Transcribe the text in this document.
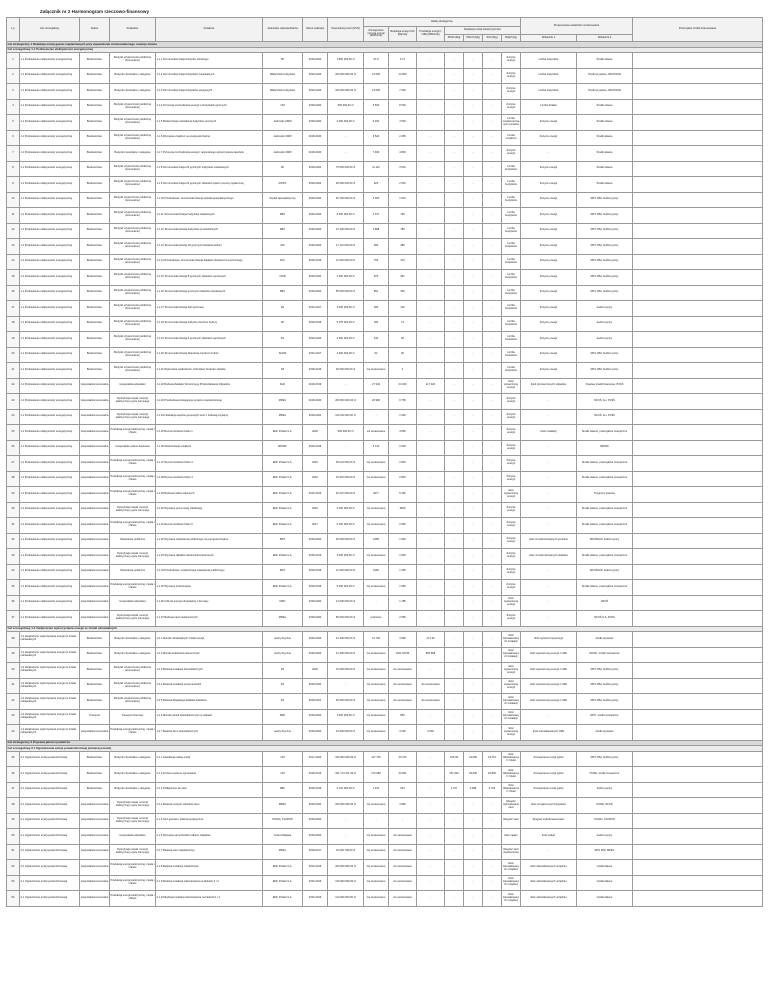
Załącznik nr 2 Harmonogram rzeczowo-finansowy
L.p.	Cel szczegółowy	Sektor	Podsektor	Działanie	Jednostka odpowiedzialna	Okres realizacji	Szacunkowy koszt [PLN]	Efekty ekologiczne							Proponowane wskaźniki monitorowania		Potencjalne źródła finansowania
								Zmniejszenie zużycia energii [MWh/rok]	Redukcja emisji CO2 [Mg/rok]	Produkcja energii z OZE [MWh/rok]	Redukcja emisji zanieczyszczeń						
											PM10 [Mg]	PM2,5 [Mg]	SO2 [Mg]	B(a)P [kg]	Wskaźnik 1	Wskaźnik 2	
Cel strategiczny 1 Redukcja emisji gazów cieplarnianych przy zapewnieniu zrównoważonego rozwoju miasta																	
Cel szczegółowy 1.1 Podniesienie efektywności energetycznej																	
1	1.1 Podniesienie efektywności energetycznej	Budownictwo	Budynki użyteczności publicznej (komunalne)	1.1.1 Termomodernizacja budynku szkolnego	SP	2018-2020	1 800 000,00 zł	97,8	17,0	-	-	-	-	Zużycie energii	Liczba budynków	Środki własne	
2	1.1 Podniesienie efektywności energetycznej	Budownictwo	Budynki mieszkalne i usługowe	1.1.2 Termomodernizacja budynków mieszkalnych	Właściciele budynków	2018-2020	200 000 000,00 zł	21 000	12 900	-	-	-	-	Zużycie energii	Liczba budynków	Środki prywatne, WFOŚiGW	
3	1.1 Podniesienie efektywności energetycznej	Budownictwo	Budynki mieszkalne i usługowe	1.1.3 Termomodernizacja budynków usługowych	Właściciele budynków	2018-2020	160 000 000,00 zł	13 000	7 900	-	-	-	-	Zużycie energii	Liczba budynków	Środki prywatne, WFOŚiGW	
4	1.1 Podniesienie efektywności energetycznej	Budownictwo	Budynki użyteczności publicznej (komunalne)	1.1.4 Promocja oszczędzania energii w budynkach gminnych	UM	2018-2020	500 000,00 zł	5 600	8 000	-	-	-	-	Zużycie energii	Liczba działań	Środki własne	
5	1.1 Podniesienie efektywności energetycznej	Budownictwo	Budynki użyteczności publicznej (komunalne)	1.1.5 Modernizacja oświetlenia budynków gminnych	Jednostki UMW	2018-2020	3 000 000,00 zł	5 200	4 500	-	-	-	-	Liczba zmodernizowanych punktów	Zużycie energii	Środki własne	
6	1.1 Podniesienie efektywności energetycznej	Budownictwo	Budynki użyteczności publicznej (komunalne)	1.1.6 Wymiana urządzeń na energooszczędne	Jednostki UMW	2018-2020	-	3 520	2 250	-	-	-	-	Liczba urządzeń	Zużycie energii	Środki własne	
7	1.1 Podniesienie efektywności energetycznej	Budownictwo	Budynki mieszkalne i usługowe	1.1.7 Promocja oszczędzania energii i racjonalnego wykorzystania zasobów	Jednostki UMW	2018-2020	-	7 900	4 860	-	-	-	-	Zużycie energii	-	Środki własne	
8	1.1 Podniesienie efektywności energetycznej	Budownictwo	Budynki użyteczności publicznej (komunalne)	1.1.8 Termomodernizacja 26 gminnych budynków oświatowych	ZK	2018-2020	75 000 000,00 zł	11 110	3 510	-	-	-	-	Liczba budynków	Zużycie energii	Środki własne	
9	1.1 Podniesienie efektywności energetycznej	Budownictwo	Budynki użyteczności publicznej (komunalne)	1.1.9 Termomodernizacja 20 gminnych obiektów opieki i pomocy społecznej	MOPS	2018-2020	25 000 000,00 zł	620	2 510	-	-	-	-	Liczba budynków	Zużycie energii	Środki własne	
10	1.1 Podniesienie efektywności energetycznej	Budownictwo	Budynki użyteczności publicznej (komunalne)	1.1.10 Przebudowa i termomodernizacja szpitala specjalistycznego	Szpital Specjalistyczny	2018-2020	30 760 000,00 zł	3 000	1 510	-	-	-	-	Liczba budynków	Zużycie energii	RPO WM, budżet gminy	
11	1.1 Podniesienie efektywności energetycznej	Budownictwo	Budynki użyteczności publicznej (komunalne)	1.1.11 Termomodernizacja budynków oświatowych	ZBO	2018-2020	6 000 000,00 zł	1 017	760	-	-	-	-	Liczba budynków	Zużycie energii	RPO WM, budżet gminy	
12	1.1 Podniesienie efektywności energetycznej	Budownictwo	Budynki użyteczności publicznej (komunalne)	1.1.12 Termomodernizacja budynków przedszkolnych	ZBO	2018-2020	10 100 000,00 zł	1 888	780	-	-	-	-	Liczba budynków	Zużycie energii	RPO WM, budżet gminy	
13	1.1 Podniesienie efektywności energetycznej	Budownictwo	Budynki użyteczności publicznej (komunalne)	1.1.13 Termomodernizacja 19 gminnych obiektów kultury	SW	2018-2020	17 121 520,00 zł	900	380	-	-	-	-	Liczba budynków	Zużycie energii	RPO WM, budżet gminy	
14	1.1 Podniesienie efektywności energetycznej	Budownictwo	Budynki użyteczności publicznej (komunalne)	1.1.14 Przebudowa i termomodernizacja Zakładu Opiekuńczo-Leczniczego	ZOL	2018-2019	11 000 000,00 zł	754	470	-	-	-	-	Liczba budynków	Zużycie energii	RPO WM, budżet gminy	
15	1.1 Podniesienie efektywności energetycznej	Budownictwo	Budynki użyteczności publicznej (komunalne)	1.1.15 Termomodernizacja 8 gminnych obiektów sportowych	OSiR	2018-2020	4 900 000,00 zł	970	361	-	-	-	-	Liczba budynków	Zużycie energii	RPO WM, budżet gminy	
16	1.1 Podniesienie efektywności energetycznej	Budownictwo	Budynki użyteczności publicznej (komunalne)	1.1.16 Termomodernizacja gminnych obiektów oświatowych	ZBO	2018-2020	55 000 000,00 zł	891	330	-	-	-	-	Liczba budynków	Zużycie energii	RPO WM, budżet gminy	
17	1.1 Podniesienie efektywności energetycznej	Budownictwo	Budynki użyteczności publicznej (komunalne)	1.1.17 Termomodernizacja hali sportowej	ZS	2016-2017	4 000 000,00 zł	300	119	-	-	-	-	Liczba budynków	Zużycie energii	budżet gminy	
18	1.1 Podniesienie efektywności energetycznej	Budownictwo	Budynki użyteczności publicznej (komunalne)	1.1.18 Termomodernizacja budynku Centrum Kultury	CK	2018-2019	5 075 000,00 zł	180	73	-	-	-	-	Liczba budynków	Zużycie energii	budżet gminy	
19	1.1 Podniesienie efektywności energetycznej	Budownictwo	Budynki użyteczności publicznej (komunalne)	1.1.19 Termomodernizacja 5 gminnych obiektów sportowych	ZS	2018-2020	2 500 000,00 zł	130	56	-	-	-	-	Liczba budynków	Zużycie energii	budżet gminy	
20	1.1 Podniesienie efektywności energetycznej	Budownictwo	Budynki użyteczności publicznej (komunalne)	1.1.20 Termomodernizacja Starostwa Centrum Kultury	SCKM	2016-2017	4 900 000,00 zł	94	36	-	-	-	-	Liczba budynków	Zużycie energii	RPO WM, budżet gminy	
21	1.1 Podniesienie efektywności energetycznej	Budownictwo	Budynki użyteczności publicznej (komunalne)	1.1.21 Wykonanie wydłużenia i rozbudowy budynku szpitala	SZ	2018-2019	20 000 000,00 zł	nie oszacowano	4	-	-	-	-	Liczba budynków	Zużycie energii	RPO WM, budżet gminy	
22	1.1 Podniesienie efektywności energetycznej	Gospodarka komunalna	Gospodarka odpadami	1.1.22 Budowa Zakładu Termicznego Przekształcania Odpadów	KHK	2018-2019	-	27 343	24 300	117 020	-	-	-	Ilość wytworzonej energii	Ilość przetworzonych odpadów	Krajowe środki finansowe, POIiŚ	
23	1.1 Podniesienie efektywności energetycznej	Gospodarka komunalna	Dystrybucja ciepła i energii elektrycznej i gazu ziemnego	1.1.23 Przebudowa istniejącego systemu ciepłowniczego	MPEC	2018-2020	260 000 000,00 zł	20 960	6 750	-	-	-	-	Zużycie energii	-	NFOŚ, fun. POIiŚ	
24	1.1 Podniesienie efektywności energetycznej	Gospodarka komunalna	Dystrybucja ciepła i energii elektrycznej i gazu ziemnego	1.1.24 Likwidacja węzłów grupowych wraz z budową przyłączy	MPEC	2018-2020	110 010 000,00 zł	-	1 520	-	-	-	-	Zużycie energii	-	NFOŚ, fun. POIiŚ	
25	1.1 Podniesienie efektywności energetycznej	Gospodarka komunalna	Produkcja energii elektrycznej, ciepła i chłodu	1.1.25 Remont kotłowni bloku 1	EDF Polska S.A.	2018	500 000,00 zł	nie oszacowano	4 860	-	-	-	-	Zużycie energii	Ilość instalacji	Środki własne, potencjalnie zewnętrzne	
26	1.1 Podniesienie efektywności energetycznej	Gospodarka komunalna	Gospodarka wodno-ściekowa	1.1.26 Modernizacja urządzeń	MPWiK	2018-2019	-	5 120	2 518	-	-	-	-	Zużycie energii	-	MPWiK	
27	1.1 Podniesienie efektywności energetycznej	Gospodarka komunalna	Produkcja energii elektrycznej, ciepła i chłodu	1.1.27 Remont kotłowni bloku 3	EDF Polska S.A.	2016	25 041 000,00 zł	nie oszacowano	2 840	-	-	-	-	Zużycie energii	-	Środki własne, potencjalnie zewnętrzne	
28	1.1 Podniesienie efektywności energetycznej	Gospodarka komunalna	Produkcja energii elektrycznej, ciepła i chłodu	1.1.28 Remont kotłowni bloku 4	EDF Polska S.A.	2016	15 316 000,00 zł	nie oszacowano	2 840	-	-	-	-	Zużycie energii	-	Środki własne, potencjalnie zewnętrzne	
29	1.1 Podniesienie efektywności energetycznej	Gospodarka komunalna	Produkcja energii elektrycznej, ciepła i chłodu	1.1.29 Budowa kotłów odpowych	EDF Polska S.A.	2016-2019	40 227 000,00 zł	4677	5 300	-	-	-	-	Ilość wytworzonej energii	-	Programy krajowe	
30	1.1 Podniesienie efektywności energetycznej	Gospodarka komunalna	Dystrybucja ciepła i energii elektrycznej i gazu ziemnego	1.1.30 Wymiana pomp wody chłodzącej	EDF Polska S.A.	2016	3 000 000,00 zł	nie oszacowano	3600	-	-	-	-	Zużycie energii	-	Środki własne, potencjalnie zewnętrzne	
31	1.1 Podniesienie efektywności energetycznej	Gospodarka komunalna	Produkcja energii elektrycznej, ciepła i chłodu	1.1.31 Remont kotłowni bloku 5	EDF Polska S.A.	2017	5 000 000,00 zł	nie oszacowano	2 950	-	-	-	-	Zużycie energii	-	Środki własne, potencjalnie zewnętrzne	
32	1.1 Podniesienie efektywności energetycznej	Gospodarka komunalna	Oświetlenie publiczne	1.1.32 Wymiana oświetlenia publicznego na energooszczędne	ZDiT	2018-2020	20 000 000,00 zł	1658	1 500	-	-	-	-	Zużycie energii	Ilość zmodernizowanych punktów	WFOŚiGW, budżet gminy	
33	1.1 Podniesienie efektywności energetycznej	Gospodarka komunalna	Dystrybucja ciepła i energii elektrycznej i gazu ziemnego	1.1.33 Wymiana układów dwutransformatorowych	EDF Polska S.A.	2018-2019	4 000 000,00 zł	nie oszacowano	1 800	-	-	-	-	Zużycie energii	Ilość zmodernizowanych układów	Środki własne, potencjalnie zewnętrzne	
34	1.1 Podniesienie efektywności energetycznej	Gospodarka komunalna	Oświetlenie publiczne	1.1.34 Przebudowa i modernizacja oświetlenia publicznego	ZDiT	2018-2019	11 000 000,00 zł	1660	1 250	-	-	-	-	Zużycie energii	-	WFOŚiGW, budżet gminy	
35	1.1 Podniesienie efektywności energetycznej	Gospodarka komunalna	Produkcja energii elektrycznej, ciepła i chłodu	1.1.35 Wymiana turbozespołu	EDF Polska S.A.	2018-2019	5 000 000,00 zł	nie oszacowano	1 550	-	-	-	-	Zużycie energii	-	Środki własne, potencjalnie zewnętrzne	
36	1.1 Podniesienie efektywności energetycznej	Gospodarka komunalna	Gospodarka odpadami	1.1.36 Odzysk energii odnawialnej z biomasy	MPO	2018-2020	14 000 000,00 zł	-	1 185	-	-	-	-	Ilość wytworzonej energii	-	NFOŚ	
37	1.1 Podniesienie efektywności energetycznej	Gospodarka komunalna	Dystrybucja ciepła i energii elektrycznej i gazu ziemnego	1.1.37 Budowa sieci ciepłowniczych	MPEC	2018-2020	56 000 000,00 zł	podmiotu	2 950	-	-	-	-	Zużycie energii	-	NFOŚ S.A. POIiŚ	
Cel szczegółowy 1.2 Zwiększenie wykorzystania energii ze źródeł odnawialnych																	
38	1.2 Zwiększenie wykorzystania energii ze źródeł odnawialnych	Budownictwo	Budynki mieszkalne i usługowe	1.2.1 Montaż odnawialnych źródeł energii	osoby fizyczne	2018-2020	41 200 000,00 zł	41 700	3 990	21 130	-	-	-	Ilość zainstalowanych instalacji	Ilość wytworzonej energii	środki prywatne	
39	1.2 Zwiększenie wykorzystania energii ze źródeł odnawialnych	Budownictwo	Budynki mieszkalne i usługowe	1.2.2 Montaż kolektorów słonecznych	osoby fizyczne	2018-2020	41 200 000,00 zł	nie oszacowano	1021 92794	866 868	-	-	-	Ilość zainstalowanych instalacji	Ilość wytworzonej energii z OZE	RCMC, środki zewnętrzne	
40	1.2 Zwiększenie wykorzystania energii ze źródeł odnawialnych	Budownictwo	Budynki użyteczności publicznej (komunalne)	1.2.3 Budowa instalacji fotowoltaicznych	ZS	2020	15 000 000,00 zł	nie oszacowano	nie oszacowano	-	-	-	-	Ilość wytworzonej energii	Ilość wytworzonej energii z OZE	RPO WM, budżet gminy	
41	1.2 Zwiększenie wykorzystania energii ze źródeł odnawialnych	Budownictwo	Budynki użyteczności publicznej (komunalne)	1.2.4 Budowa instalacji prosumenckich	ZS	2018-2020	-	nie oszacowano	nie oszacowano	nie oszacowano	-	-	-	Ilość wytworzonej energii	Ilość wytworzonej energii z OZE	RPO WM, budżet gminy	
42	1.2 Zwiększenie wykorzystania energii ze źródeł odnawialnych	Budownictwo	Budynki użyteczności publicznej (komunalne)	1.2.5 Budowa Miejskiego Zakładu Zasilania	ZS	2018-2021	20 000 000,00 zł	nie oszacowano	nie oszacowano	nie oszacowano	-	-	-	Ilość zainstalowanych instalacji	Ilość wytworzonej energii z OZE	RPO WM, budżet gminy	
43	1.2 Zwiększenie wykorzystania energii ze źródeł odnawialnych	Transport	Transport zbiorowy	1.2.6 Montaż paneli fotowoltaicznych na wiatach	MZK	2018-2020	1 500 000,00 zł	nie oszacowano	850	-	-	-	-	Ilość zainstalowanych instalacji	-	RPO, środki zewnętrzne	
44	1.2 Zwiększenie wykorzystania energii ze źródeł odnawialnych	Gospodarka komunalna	Produkcja energii elektrycznej, ciepła i chłodu	1.2.7 Budowa farm fotowoltaicznych	osoby fizyczne	2018-2020	21 600 000,00 zł	nie oszacowano	3 000	2 000	-	-	-	Ilość wytworzonej energii	Ilość zainstalowanych OZE	środki prywatne	
Cel strategiczny 2 Poprawa jakości powietrza																	
Cel szczegółowy 2.1 Ograniczenie emisji powierzchniowej (zanieczyszczeń)																	
45	2.1 Ograniczenie emisji powierzchniowej	Budownictwo	Budynki mieszkalne i usługowe	2.1.1 Likwidacja niskiej emisji	UM	2017-2020	150 000 000,00 zł	117 700	43 370	-	165,06	24,056	43,712	Ilość zlikwidowanych źródeł	Zmniejszenie emisji pyłów	RPO WM, budżet gminy	
46	2.1 Ograniczenie emisji powierzchniowej	Budownictwo	Budynki mieszkalne i usługowe	2.1.2 Zmiana systemu ogrzewania	UM	2018-2019	161 174 471,00 zł	176 080	40 961	-	157,000	29,696	20,800	Ilość zlikwidowanych źródeł	Zmniejszenie emisji pyłów	PONE, środki zewnętrzne	
47	2.1 Ograniczenie emisji powierzchniowej	Budownictwo	Budynki mieszkalne i usługowe	2.1.3 Podłączenie do sieci	ZBK	2018-2019	2 210 000,00 zł	1 231	533	-	1,757	0,289	0,763	Ilość zlikwidowanych źródeł	Zmniejszenie emisji pyłów	budżet gminy	
48	2.1 Ograniczenie emisji powierzchniowej	Gospodarka komunalna	Dystrybucja ciepła i energii elektrycznej i gazu ziemnego	2.1.4 Budowa nowych odcinków sieci	MPEC	2018-2020	260 000 000,00 zł	nie oszacowano	4 980	-	-	-	-	Długość wybudowanej sieci	Ilość przyłączonych budynków	PONE, NFOŚ	
49	2.1 Ograniczenie emisji powierzchniowej	Gospodarka komunalna	Dystrybucja ciepła i energii elektrycznej i gazu ziemnego	2.1.5 Sieć gazowa i elektroenergetyczna	PGNiG, TAURON	2018-2020	-	-	-	-	-	-	-	Długość sieci	Długość wybudowanej sieci	PGNiG, TAURON	
50	2.1 Ograniczenie emisji powierzchniowej	Gospodarka komunalna	Gospodarka odpadami	2.1.6 Wymiana samochodów odbioru odpadów	Gmina Miejska	2018-2020	-	nie oszacowano	nie oszacowano	-	-	-	-	Ilość zadań	Ilość zadań	budżet gminy	
51	2.1 Ograniczenie emisji powierzchniowej	Gospodarka komunalna	Dystrybucja ciepła i energii elektrycznej i gazu ziemnego	2.1.7 Budowa sieci ciepłowniczej	MPEC	2018-2017	15 000 738,00 zł	nie oszacowano	nie oszacowano	-	-	-	-	Długość sieci ciepłowniczej	-	RPO WM, MPEC	
52	2.1 Ograniczenie emisji powierzchniowej	Gospodarka komunalna	Produkcja energii elektrycznej, ciepła i chłodu	2.1.8 Budowa instalacji odsiarczania	EDF Polska S.A.	2016-2019	260 000 000,00 zł	nie oszacowano	nie oszacowano	-	-	-	-	Ilość zainstalowanych urządzeń	Ilość zainstalowanych urządzeń	środki własne	
53	2.1 Ograniczenie emisji powierzchniowej	Gospodarka komunalna	Produkcja energii elektrycznej, ciepła i chłodu	2.1.9 Budowa instalacji odazotowania na blokach 3 i 4	EDF Polska S.A.	2016-2019	130 000 000,00 zł	nie oszacowano	nie oszacowano	-	-	-	-	Ilość zainstalowanych urządzeń	Ilość zainstalowanych urządzeń	środki własne	
54	2.1 Ograniczenie emisji powierzchniowej	Gospodarka komunalna	Produkcja energii elektrycznej, ciepła i chłodu	2.1.10 Budowa instalacji odazotowania na blokach 1 i 2	EDF Polska S.A.	2016-2019	113 000 000,00 zł	nie oszacowano	nie oszacowano	-	-	-	-	Ilość zainstalowanych urządzeń	Ilość zainstalowanych urządzeń	środki własne	
